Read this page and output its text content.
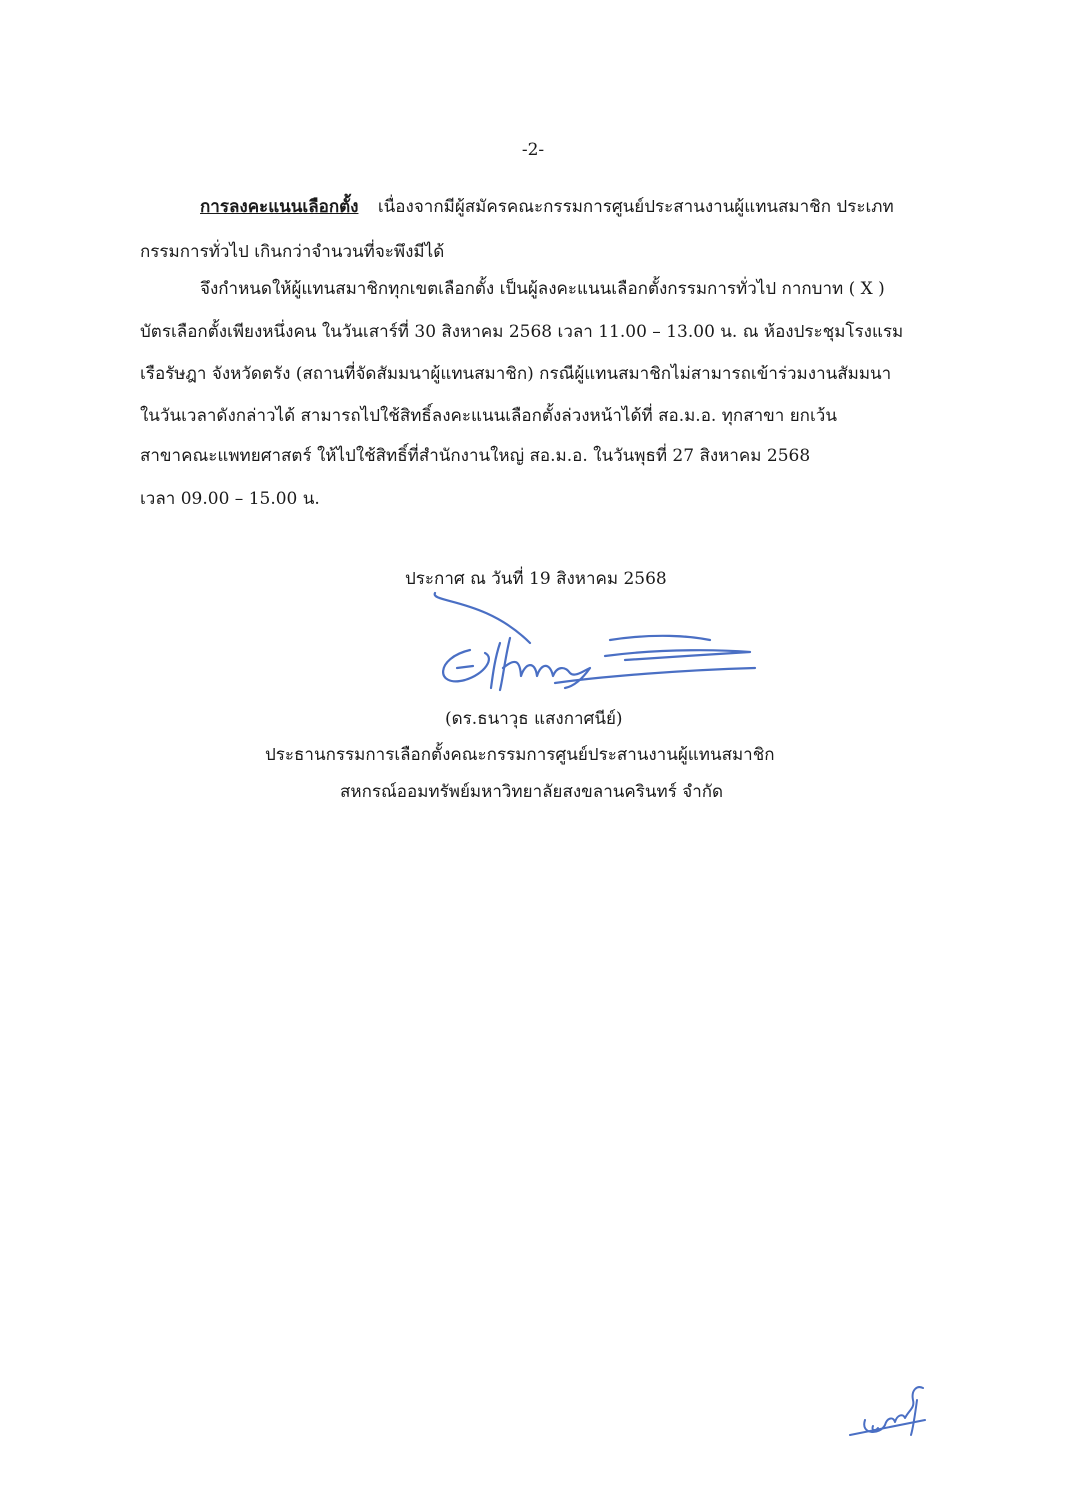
-2-
การลงคะแนนเลือกตั้ง เนื่องจากมีผู้สมัครคณะกรรมการศูนย์ประสานงานผู้แทนสมาชิก ประเภท
กรรมการทั่วไป เกินกว่าจำนวนที่จะพึงมีได้
จึงกำหนดให้ผู้แทนสมาชิกทุกเขตเลือกตั้ง เป็นผู้ลงคะแนนเลือกตั้งกรรมการทั่วไป กากบาท ( X )
บัตรเลือกตั้งเพียงหนึ่งคน ในวันเสาร์ที่ 30 สิงหาคม 2568 เวลา 11.00 – 13.00 น. ณ ห้องประชุมโรงแรม
เรือรัษฎา จังหวัดตรัง (สถานที่จัดสัมมนาผู้แทนสมาชิก) กรณีผู้แทนสมาชิกไม่สามารถเข้าร่วมงานสัมมนา
ในวันเวลาดังกล่าวได้ สามารถไปใช้สิทธิ์ลงคะแนนเลือกตั้งล่วงหน้าได้ที่ สอ.ม.อ. ทุกสาขา ยกเว้น
สาขาคณะแพทยศาสตร์ ให้ไปใช้สิทธิ์ที่สำนักงานใหญ่ สอ.ม.อ. ในวันพุธที่ 27 สิงหาคม 2568
เวลา 09.00 – 15.00 น.
ประกาศ ณ วันที่ 19 สิงหาคม 2568
(ดร.ธนาวุธ แสงกาศนีย์)
ประธานกรรมการเลือกตั้งคณะกรรมการศูนย์ประสานงานผู้แทนสมาชิก
สหกรณ์ออมทรัพย์มหาวิทยาลัยสงขลานครินทร์ จำกัด
